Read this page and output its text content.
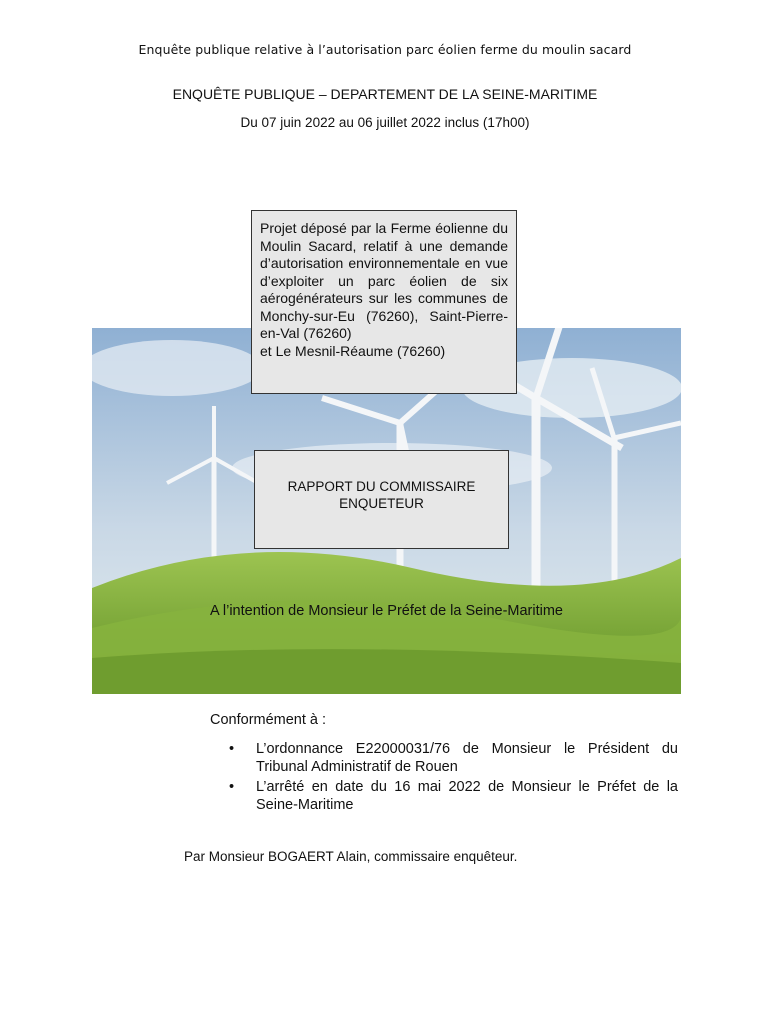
Enquête publique relative à l’autorisation parc éolien ferme du moulin sacard
ENQUÊTE PUBLIQUE – DEPARTEMENT DE LA SEINE-MARITIME
Du 07 juin 2022 au 06 juillet 2022 inclus (17h00)

Projet déposé par la Ferme éolienne du Moulin Sacard, relatif à une demande d’autorisation environnementale en vue d’exploiter un parc éolien de six aérogénérateurs sur les communes de Monchy-sur-Eu (76260), Saint-Pierre-en-Val (76260)

et Le Mesnil-Réaume (76260)

RAPPORT DU COMMISSAIRE
ENQUETEUR
A l’intention de Monsieur le Préfet de la Seine-Maritime
Conformément à :
• L’ordonnance E22000031/76 de Monsieur le Président du Tribunal Administratif de Rouen
• L’arrêté en date du 16 mai 2022 de Monsieur le Préfet de la Seine-Maritime
Par Monsieur BOGAERT Alain, commissaire enquêteur.
